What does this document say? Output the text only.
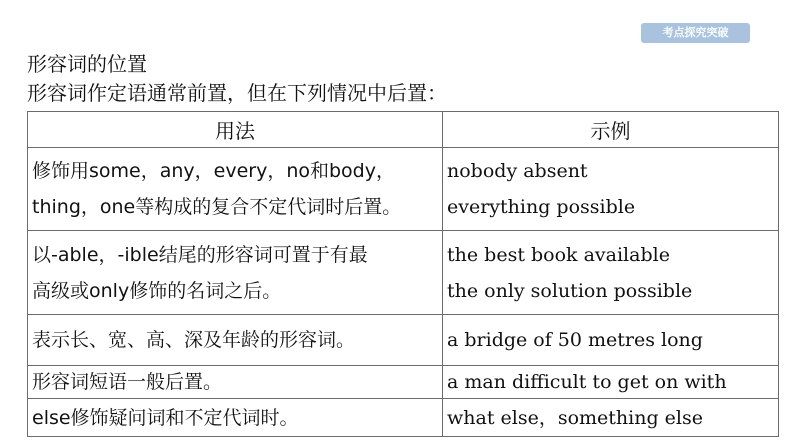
考点探究突破
形容词的位置
形容词作定语通常前置，但在下列情况中后置：
用法	示例

修饰用some，any，every，no和body，
thing，one等构成的复合不定代词时后置。	nobody absent
everything possible

以-able，-ible结尾的形容词可置于有最
高级或only修饰的名词之后。	the best book available
the only solution possible

表示长、宽、高、深及年龄的形容词。	a bridge of 50 metres long

形容词短语一般后置。	a man difficult to get on with

else修饰疑问词和不定代词时。	what else，something else
